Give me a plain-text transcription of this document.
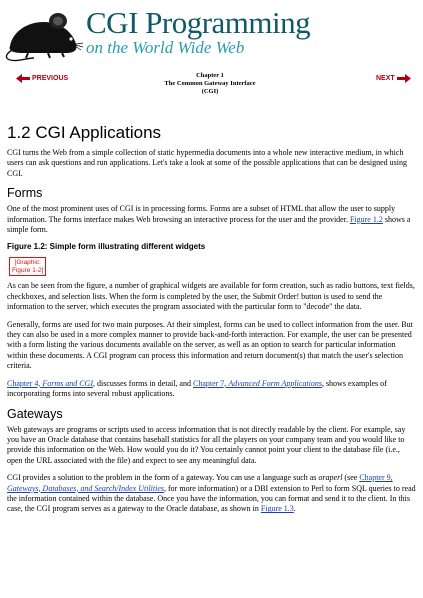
CGI Programming
on the World Wide Web
PREVIOUS	Chapter 1
The Common Gateway Interface
(CGI)
NEXT
1.2 CGI Applications

CGI turns the Web from a simple collection of static hypermedia documents into a whole new interactive medium, in which users can ask questions and run applications. Let's take a look at some of the possible applications that can be designed using CGI.

Forms

One of the most prominent uses of CGI is in processing forms. Forms are a subset of HTML that allow the user to supply information. The forms interface makes Web browsing an interactive process for the user and the provider. Figure 1.2 shows a simple form.

Figure 1.2: Simple form illustrating different widgets
[Graphic:
Figure 1-2]

As can be seen from the figure, a number of graphical widgets are available for form creation, such as radio buttons, text fields, checkboxes, and selection lists. When the form is completed by the user, the Submit Order! button is used to send the information to the server, which executes the program associated with the particular form to "decode" the data.

Generally, forms are used for two main purposes. At their simplest, forms can be used to collect information from the user. But they can also be used in a more complex manner to provide back-and-forth interaction. For example, the user can be presented with a form listing the various documents available on the server, as well as an option to search for particular information within these documents. A CGI program can process this information and return document(s) that match the user's selection criteria.

Chapter 4, Forms and CGI, discusses forms in detail, and Chapter 7, Advanced Form Applications, shows examples of incorporating forms into several robust applications.

Gateways

Web gateways are programs or scripts used to access information that is not directly readable by the client. For example, say you have an Oracle database that contains baseball statistics for all the players on your company team and you would like to provide this information on the Web. How would you do it? You certainly cannot point your client to the database file (i.e., open the URL associated with the file) and expect to see any meaningful data.

CGI provides a solution to the problem in the form of a gateway. You can use a language such as oraperl (see Chapter 9, Gateways, Databases, and Search/Index Utilities, for more information) or a DBI extension to Perl to form SQL queries to read the information contained within the database. Once you have the information, you can format and send it to the client. In this case, the CGI program serves as a gateway to the Oracle database, as shown in Figure 1.3.
